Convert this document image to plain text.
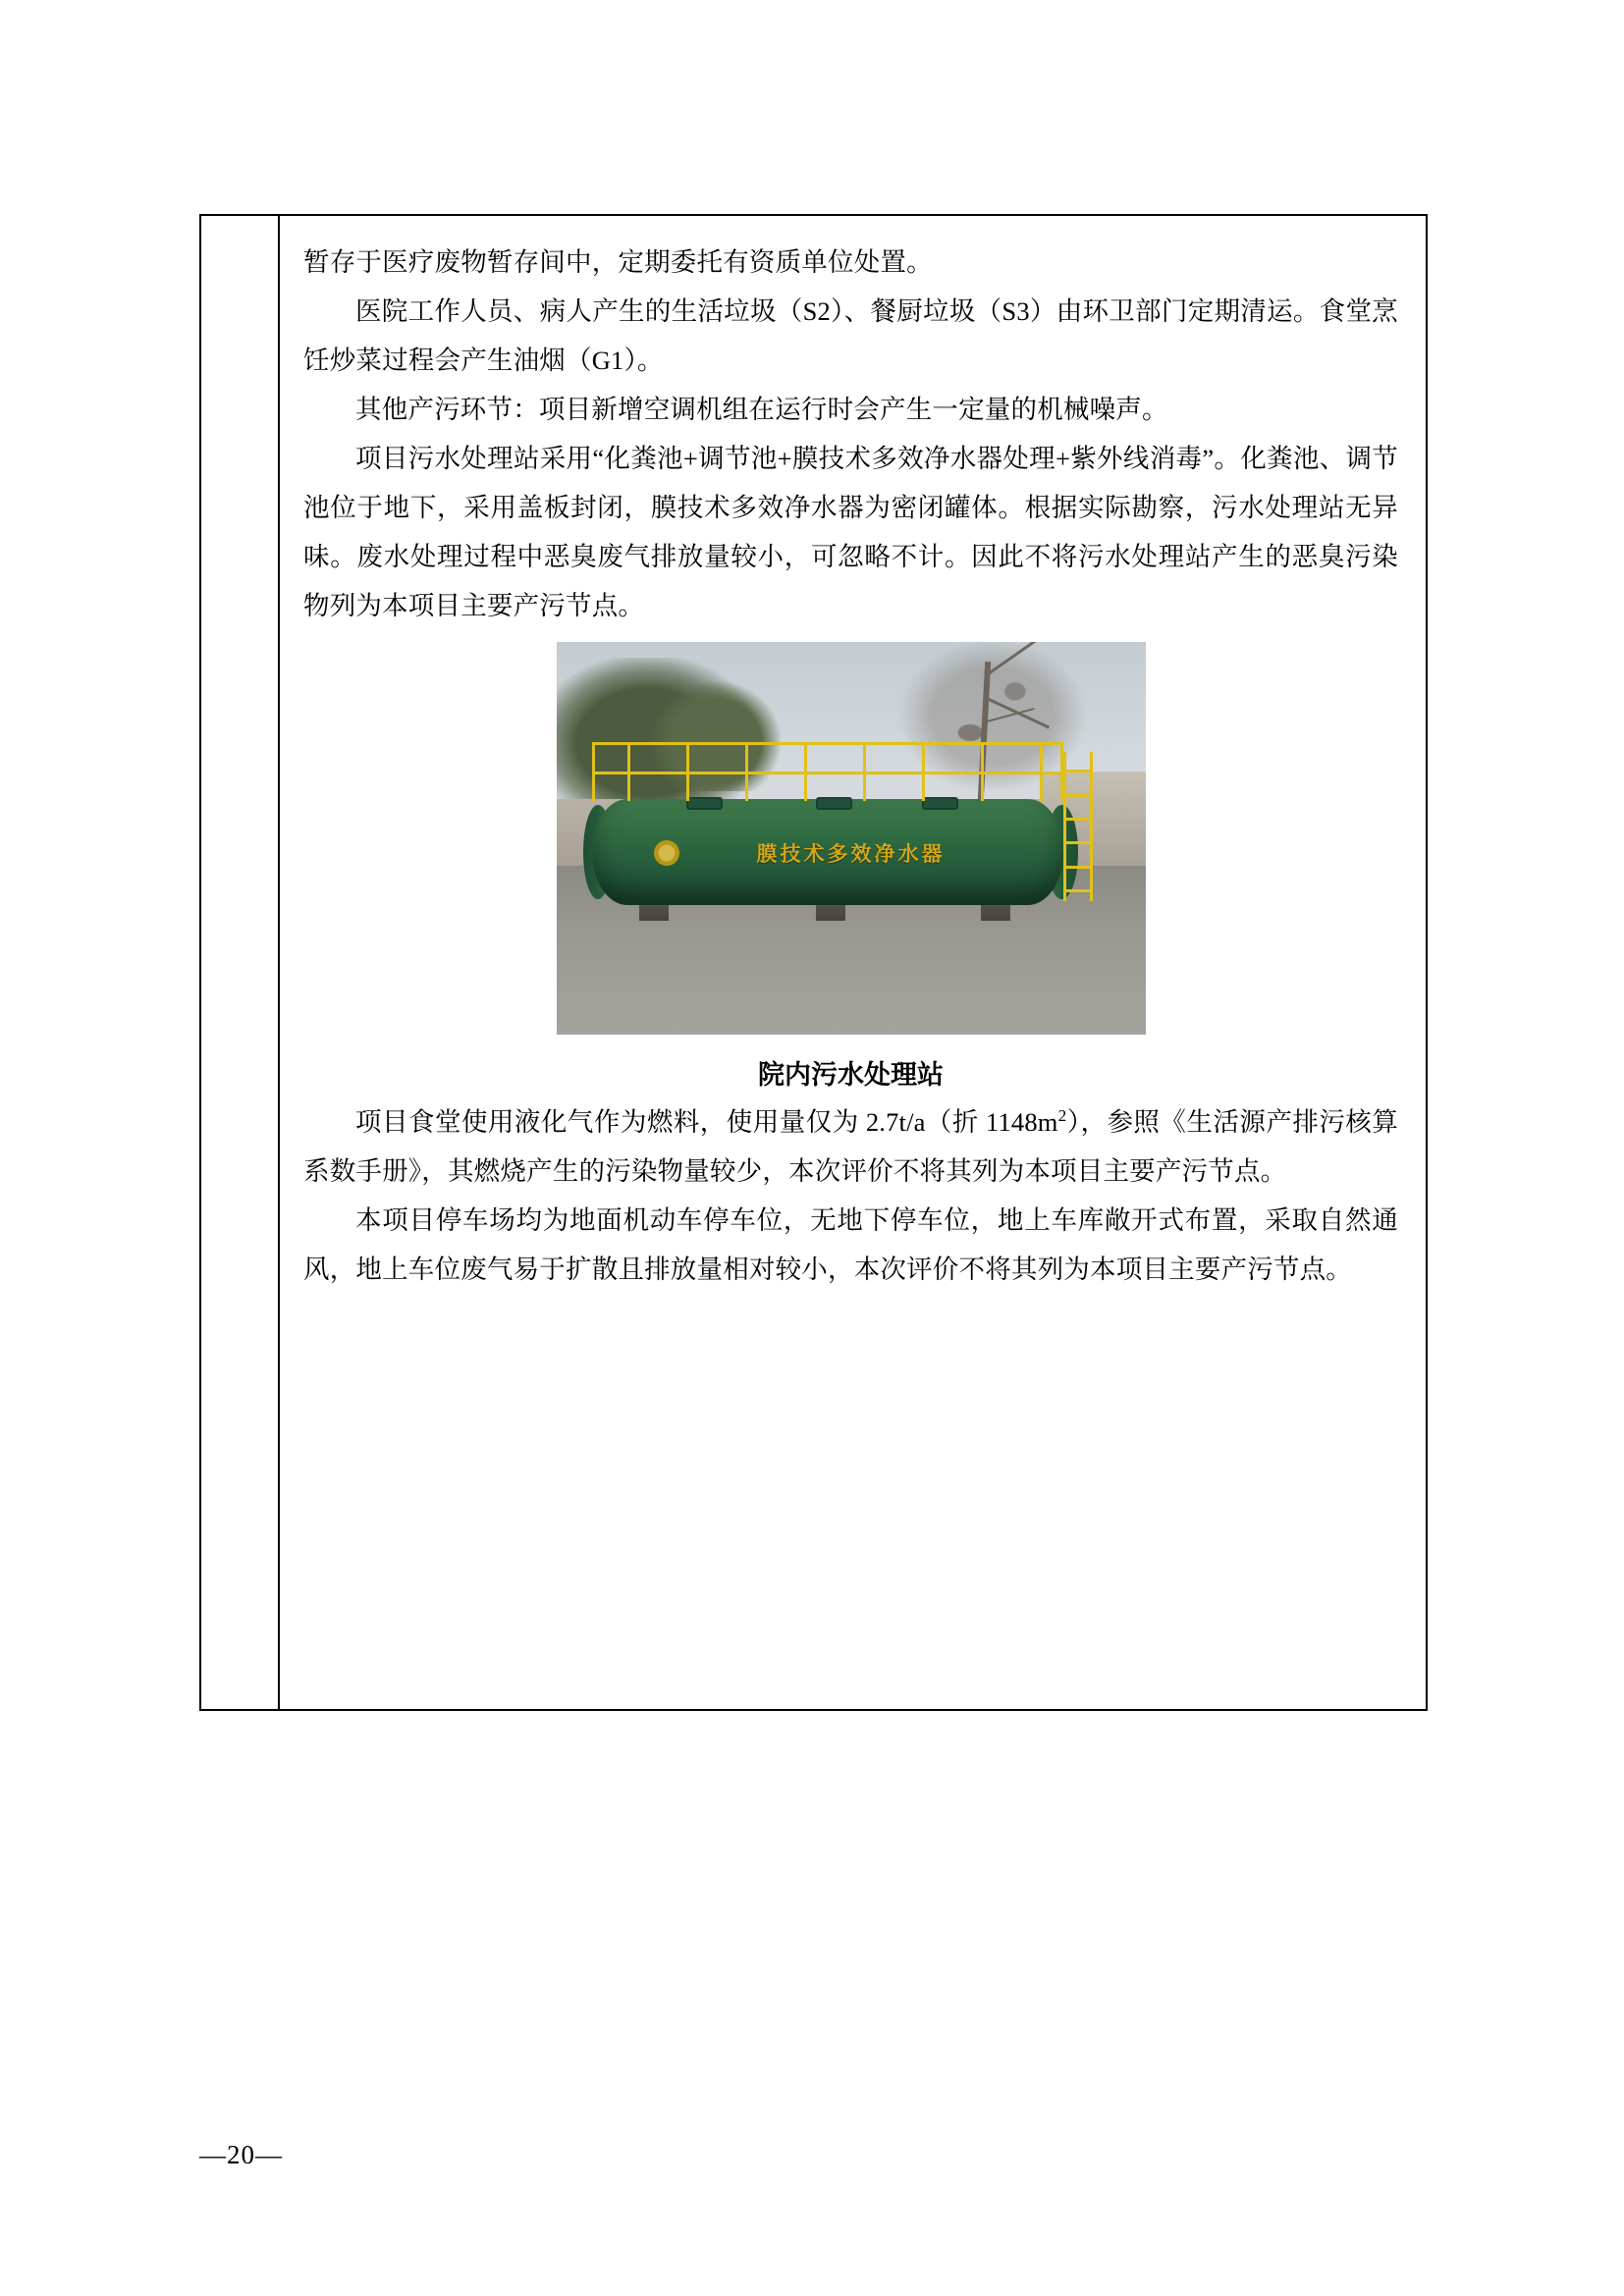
暂存于医疗废物暂存间中，定期委托有资质单位处置。

医院工作人员、病人产生的生活垃圾（S2）、餐厨垃圾（S3）由环卫部门定期清运。食堂烹饪炒菜过程会产生油烟（G1）。

其他产污环节：项目新增空调机组在运行时会产生一定量的机械噪声。

项目污水处理站采用“化粪池+调节池+膜技术多效净水器处理+紫外线消毒”。化粪池、调节池位于地下，采用盖板封闭，膜技术多效净水器为密闭罐体。根据实际勘察，污水处理站无异味。废水处理过程中恶臭废气排放量较小，可忽略不计。因此不将污水处理站产生的恶臭污染物列为本项目主要产污节点。

膜技术多效净水器

院内污水处理站

项目食堂使用液化气作为燃料，使用量仅为 2.7t/a（折 $1148m^2$），参照《生活源产排污核算系数手册》，其燃烧产生的污染物量较少，本次评价不将其列为本项目主要产污节点。

本项目停车场均为地面机动车停车位，无地下停车位，地上车库敞开式布置，采取自然通风，地上车位废气易于扩散且排放量相对较小，本次评价不将其列为本项目主要产污节点。

—20—
